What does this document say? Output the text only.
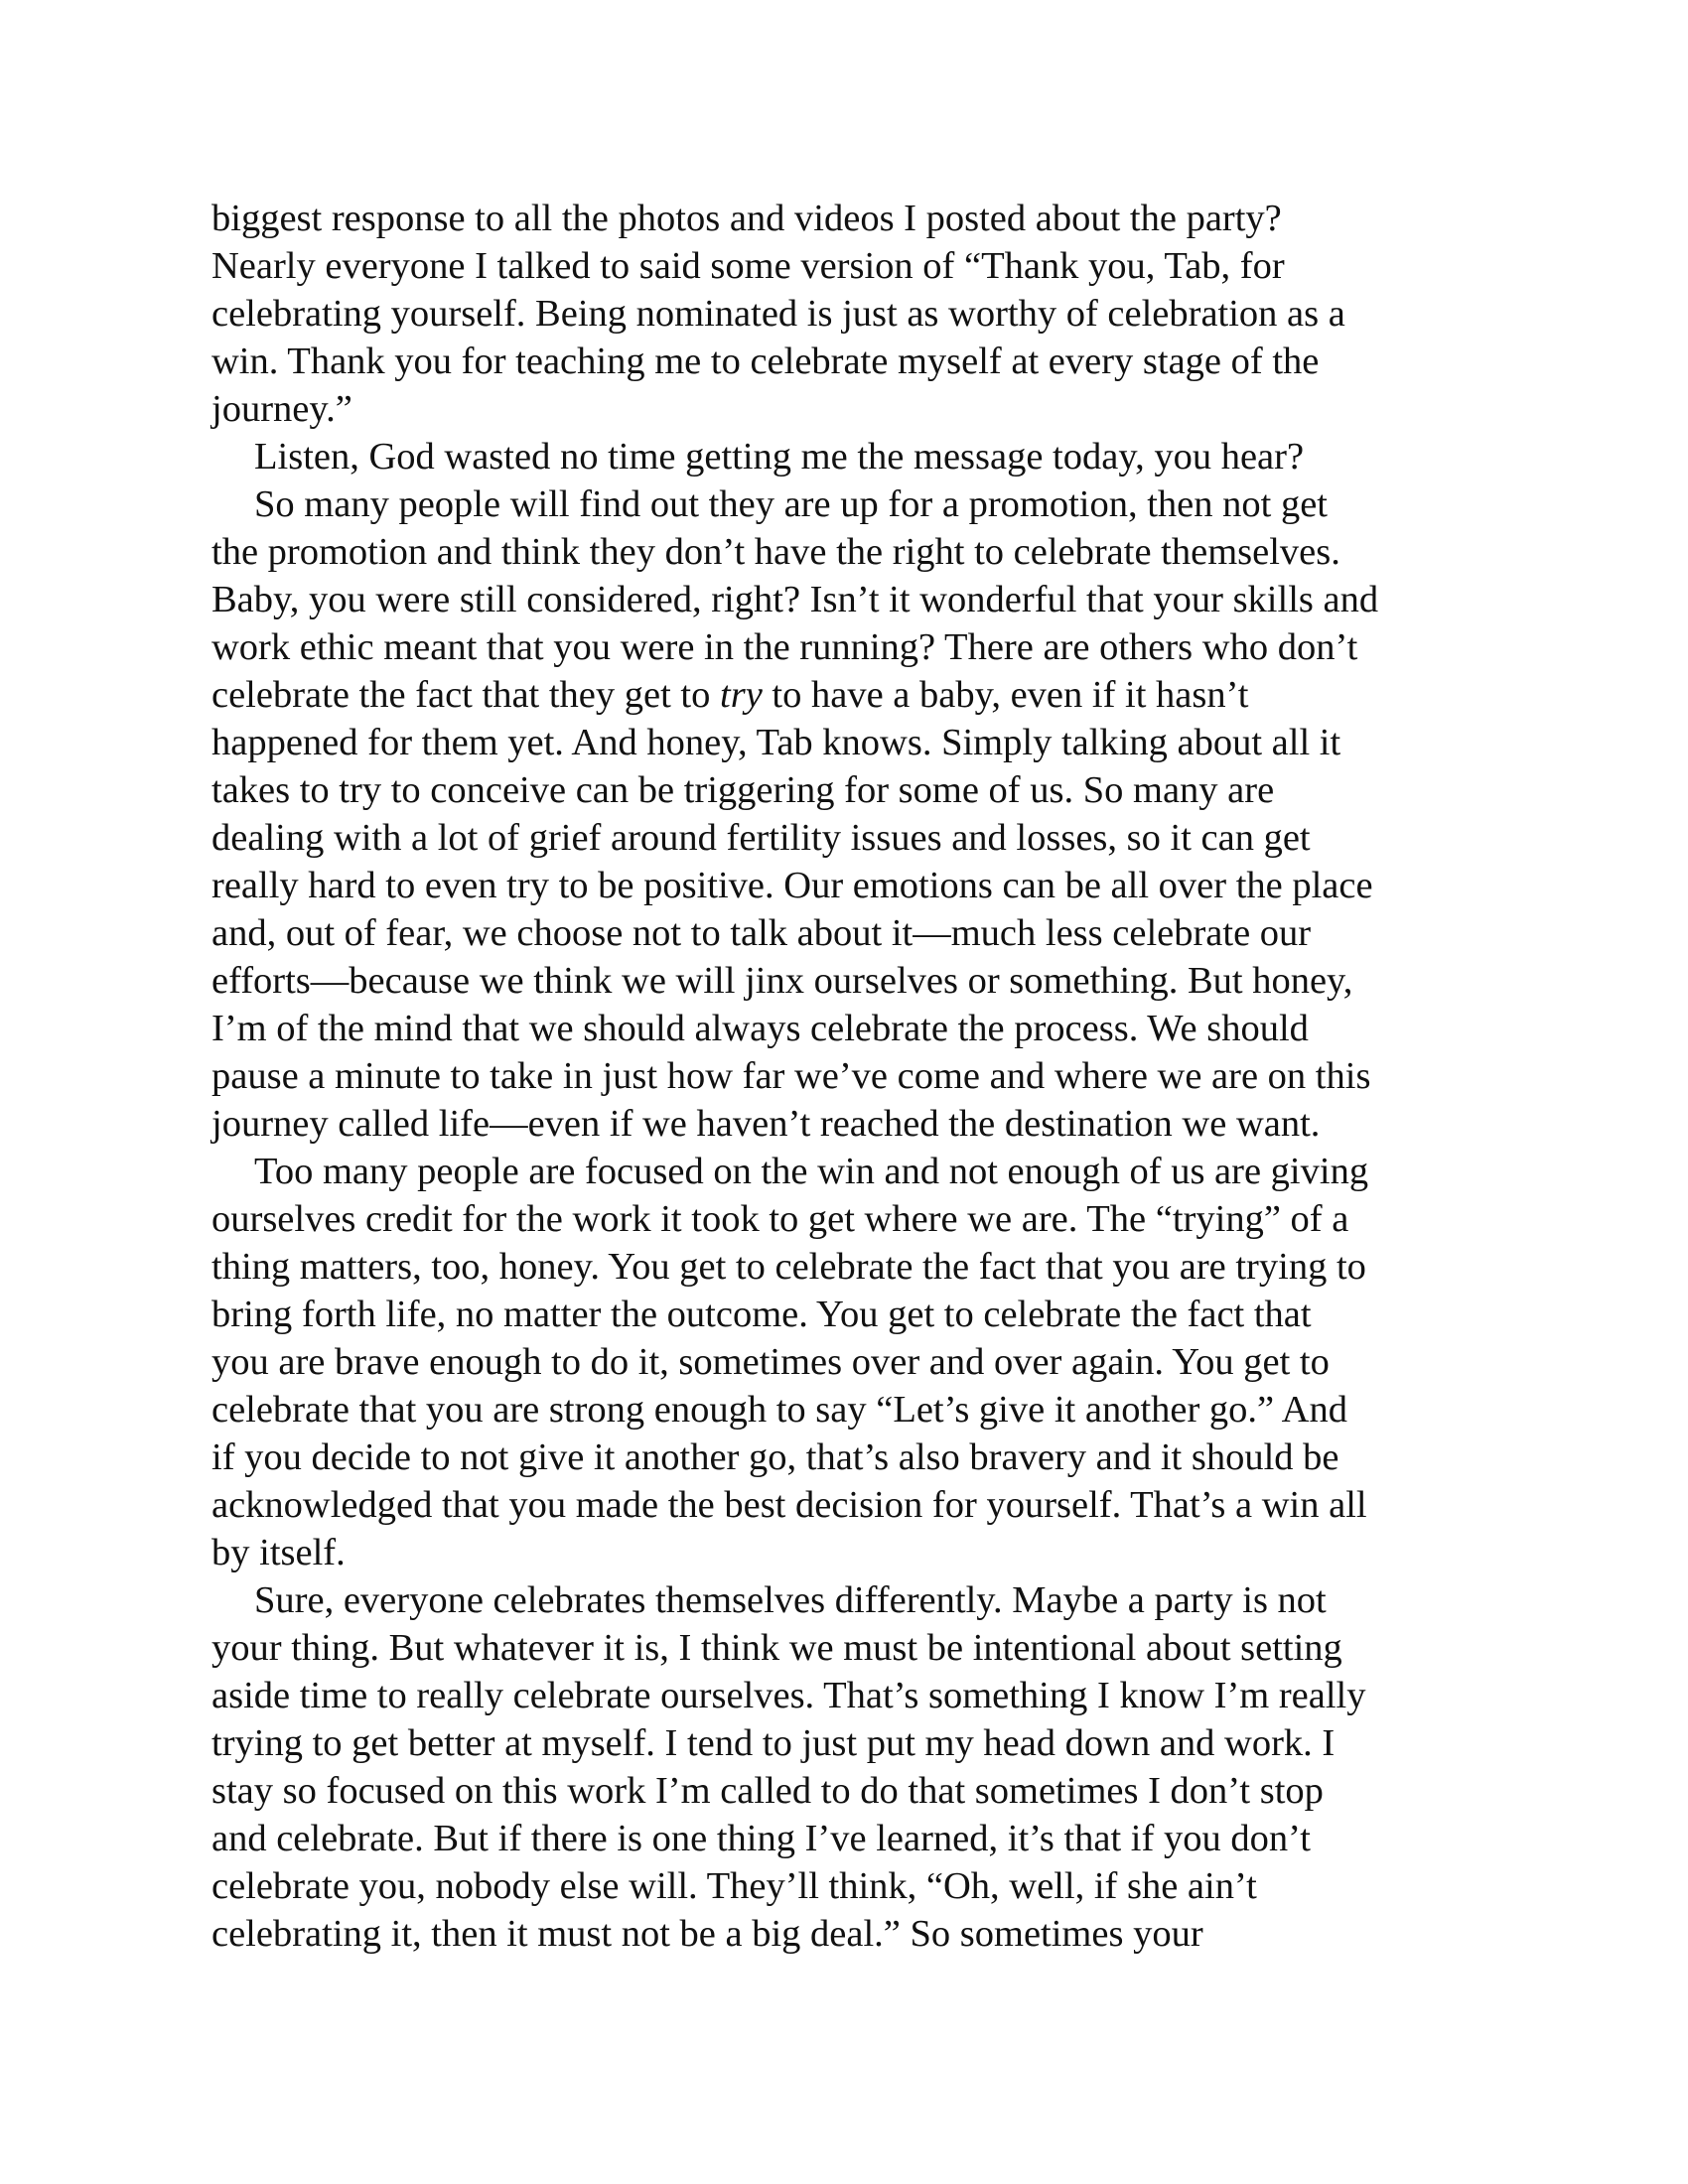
biggest response to all the photos and videos I posted about the party?
Nearly everyone I talked to said some version of “Thank you, Tab, for
celebrating yourself. Being nominated is just as worthy of celebration as a
win. Thank you for teaching me to celebrate myself at every stage of the
journey.”

Listen, God wasted no time getting me the message today, you hear?

So many people will find out they are up for a promotion, then not get
the promotion and think they don’t have the right to celebrate themselves.
Baby, you were still considered, right? Isn’t it wonderful that your skills and
work ethic meant that you were in the running? There are others who don’t
celebrate the fact that they get to try to have a baby, even if it hasn’t
happened for them yet. And honey, Tab knows. Simply talking about all it
takes to try to conceive can be triggering for some of us. So many are
dealing with a lot of grief around fertility issues and losses, so it can get
really hard to even try to be positive. Our emotions can be all over the place
and, out of fear, we choose not to talk about it—much less celebrate our
efforts—because we think we will jinx ourselves or something. But honey,
I’m of the mind that we should always celebrate the process. We should
pause a minute to take in just how far we’ve come and where we are on this
journey called life—even if we haven’t reached the destination we want.

Too many people are focused on the win and not enough of us are giving
ourselves credit for the work it took to get where we are. The “trying” of a
thing matters, too, honey. You get to celebrate the fact that you are trying to
bring forth life, no matter the outcome. You get to celebrate the fact that
you are brave enough to do it, sometimes over and over again. You get to
celebrate that you are strong enough to say “Let’s give it another go.” And
if you decide to not give it another go, that’s also bravery and it should be
acknowledged that you made the best decision for yourself. That’s a win all
by itself.

Sure, everyone celebrates themselves differently. Maybe a party is not
your thing. But whatever it is, I think we must be intentional about setting
aside time to really celebrate ourselves. That’s something I know I’m really
trying to get better at myself. I tend to just put my head down and work. I
stay so focused on this work I’m called to do that sometimes I don’t stop
and celebrate. But if there is one thing I’ve learned, it’s that if you don’t
celebrate you, nobody else will. They’ll think, “Oh, well, if she ain’t
celebrating it, then it must not be a big deal.” So sometimes your
